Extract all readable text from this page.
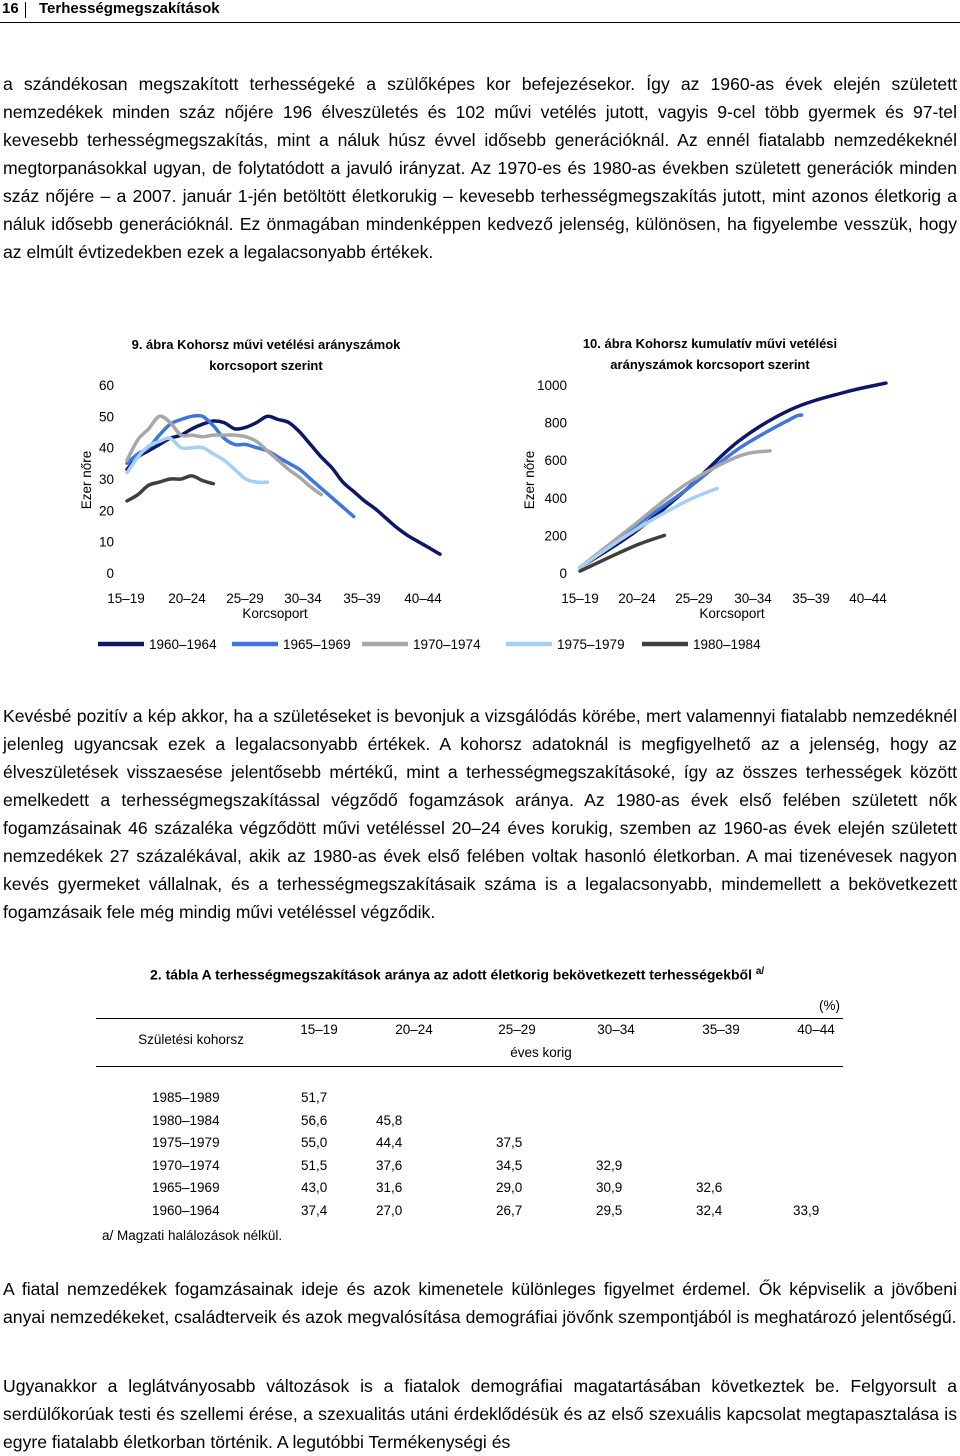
16 Terhességmegszakítások

a szándékosan megszakított terhességeké a szülőképes kor befejezésekor. Így az 1960-as évek elején született nemzedékek minden száz nőjére 196 élveszületés és 102 művi vetélés jutott, vagyis 9-cel több gyermek és 97-tel kevesebb terhességmegszakítás, mint a náluk húsz évvel idősebb generációknál. Az ennél fiatalabb nemzedékeknél megtorpanásokkal ugyan, de folytatódott a javuló irányzat. Az 1970-es és 1980-as években született generációk minden száz nőjére – a 2007. január 1-jén betöltött életkorukig – kevesebb terhességmegszakítás jutott, mint azonos életkorig a náluk idősebb generációknál. Ez önmagában mindenképpen kedvező jelenség, különösen, ha figyelembe vesszük, hogy az elmúlt évtizedekben ezek a legalacsonyabb értékek.

9. ábra Kohorsz művi vetélési arányszámok korcsoport szerint
Ezer nőre
Korcsoport
0
10
20
30
40
50
60
15–19 20–24 25–29 30–34 35–39 40–44
10. ábra Kohorsz kumulatív művi vetélési arányszámok korcsoport szerint
Ezer nőre
Korcsoport
0
200
400
600
800
1000
15–19 20–24 25–29 30–34 35–39 40–44
1960–1964	1965–1969	1970–1974	1975–1979	1980–1984

Kevésbé pozitív a kép akkor, ha a születéseket is bevonjuk a vizsgálódás körébe, mert valamennyi fiatalabb nemzedéknél jelenleg ugyancsak ezek a legalacsonyabb értékek. A kohorsz adatoknál is megfigyelhető az a jelenség, hogy az élveszületések visszaesése jelentősebb mértékű, mint a terhességmegszakításoké, így az összes terhességek között emelkedett a terhességmegszakítással végződő fogamzások aránya. Az 1980-as évek első felében született nők fogamzásainak 46 százaléka végződött művi vetéléssel 20–24 éves korukig, szemben az 1960-as évek elején született nemzedékek 27 százalékával, akik az 1980-as évek első felében voltak hasonló életkorban. A mai tizenévesek nagyon kevés gyermeket vállalnak, és a terhességmegszakításaik száma is a legalacsonyabb, mindemellett a bekövetkezett fogamzásaik fele még mindig művi vetéléssel végződik.

2. tábla A terhességmegszakítások aránya az adott életkorig bekövetkezett terhességekből $^{a/}$
(%)
Születési kohorsz
15–19	20–24	25–29	30–34	35–39	40–44
éves korig
1985–1989	51,7
1980–1984	56,6	45,8
1975–1979	55,0	44,4	37,5
1970–1974	51,5	37,6	34,5	32,9
1965–1969	43,0	31,6	29,0	30,9	32,6
1960–1964	37,4	27,0	26,7	29,5	32,4	33,9
a/ Magzati halálozások nélkül.

A fiatal nemzedékek fogamzásainak ideje és azok kimenetele különleges figyelmet érdemel. Ők képviselik a jövőbeni anyai nemzedékeket, családterveik és azok megvalósítása demográfiai jövőnk szempontjából is meghatározó jelentőségű.

Ugyanakkor a leglátványosabb változások is a fiatalok demográfiai magatartásában következtek be. Felgyorsult a serdülőkorúak testi és szellemi érése, a szexualitás utáni érdeklődésük és az első szexuális kapcsolat megtapasztalása is egyre fiatalabb életkorban történik. A legutóbbi Termékenységi és
